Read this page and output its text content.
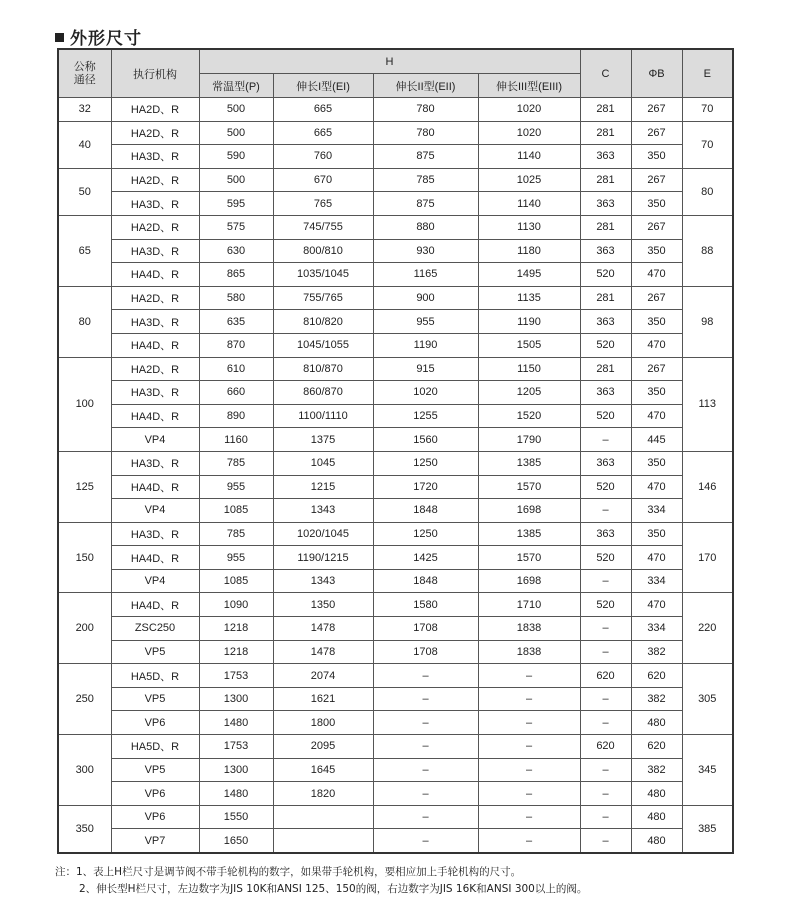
外形尺寸
公称
通径	执行机构	H				C	ΦB	E
		常温型(P)	伸长I型(EI)	伸长II型(EII)	伸长III型(EIII)			
32	HA2D、R	500	665	780	1020	281	267	70
40	HA2D、R	500	665	780	1020	281	267	70
	HA3D、R	590	760	875	1140	363	350	
50	HA2D、R	500	670	785	1025	281	267	80
	HA3D、R	595	765	875	1140	363	350	
65	HA2D、R	575	745/755	880	1130	281	267	88
	HA3D、R	630	800/810	930	1180	363	350	
	HA4D、R	865	1035/1045	1165	1495	520	470	
80	HA2D、R	580	755/765	900	1135	281	267	98
	HA3D、R	635	810/820	955	1190	363	350	
	HA4D、R	870	1045/1055	1190	1505	520	470	
100	HA2D、R	610	810/870	915	1150	281	267	113
	HA3D、R	660	860/870	1020	1205	363	350	
	HA4D、R	890	1100/1110	1255	1520	520	470	
	VP4	1160	1375	1560	1790	–	445	
125	HA3D、R	785	1045	1250	1385	363	350	146
	HA4D、R	955	1215	1720	1570	520	470	
	VP4	1085	1343	1848	1698	–	334	
150	HA3D、R	785	1020/1045	1250	1385	363	350	170
	HA4D、R	955	1190/1215	1425	1570	520	470	
	VP4	1085	1343	1848	1698	–	334	
200	HA4D、R	1090	1350	1580	1710	520	470	220
	ZSC250	1218	1478	1708	1838	–	334	
	VP5	1218	1478	1708	1838	–	382	
250	HA5D、R	1753	2074	–	–	620	620	305
	VP5	1300	1621	–	–	–	382	
	VP6	1480	1800	–	–	–	480	
300	HA5D、R	1753	2095	–	–	620	620	345
	VP5	1300	1645	–	–	–	382	
	VP6	1480	1820	–	–	–	480	
350	VP6	1550		–	–	–	480	385
	VP7	1650		–	–	–	480	
注：1、表上H栏尺寸是调节阀不带手轮机构的数字，如果带手轮机构，要相应加上手轮机构的尺寸。
2、伸长型H栏尺寸，左边数字为JIS 10K和ANSI 125、150的阀，右边数字为JIS 16K和ANSI 300以上的阀。
